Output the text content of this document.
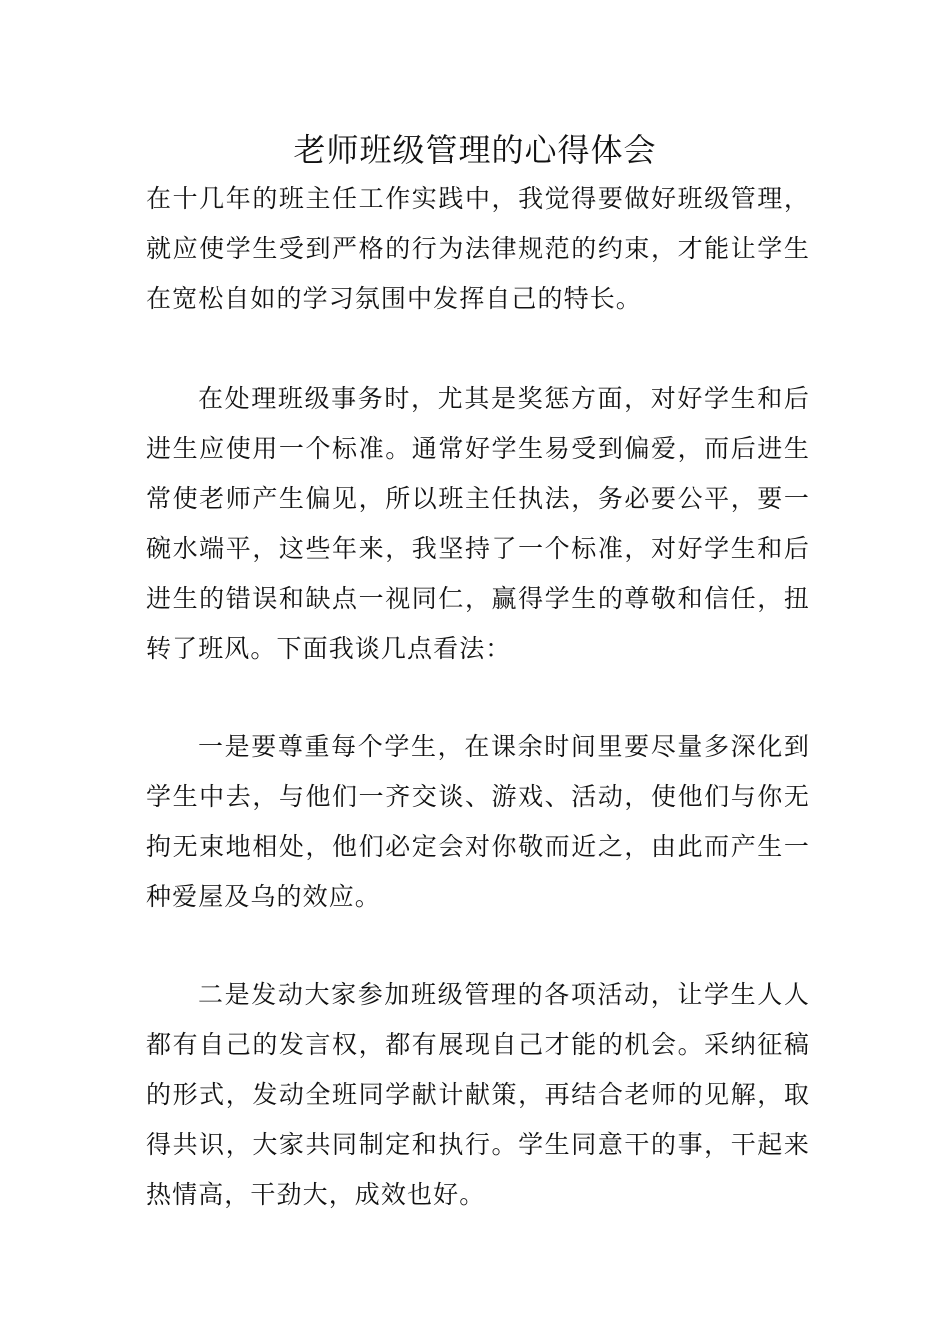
老师班级管理的心得体会

在十几年的班主任工作实践中，我觉得要做好班级管理，就应使学生受到严格的行为法律规范的约束，才能让学生在宽松自如的学习氛围中发挥自己的特长。

在处理班级事务时，尤其是奖惩方面，对好学生和后进生应使用一个标准。通常好学生易受到偏爱，而后进生常使老师产生偏见，所以班主任执法，务必要公平，要一碗水端平，这些年来，我坚持了一个标准，对好学生和后进生的错误和缺点一视同仁，赢得学生的尊敬和信任，扭转了班风。下面我谈几点看法：

一是要尊重每个学生，在课余时间里要尽量多深化到学生中去，与他们一齐交谈、游戏、活动，使他们与你无拘无束地相处，他们必定会对你敬而近之，由此而产生一种爱屋及乌的效应。

二是发动大家参加班级管理的各项活动，让学生人人都有自己的发言权，都有展现自己才能的机会。采纳征稿的形式，发动全班同学献计献策，再结合老师的见解，取得共识，大家共同制定和执行。学生同意干的事，干起来热情高，干劲大，成效也好。
